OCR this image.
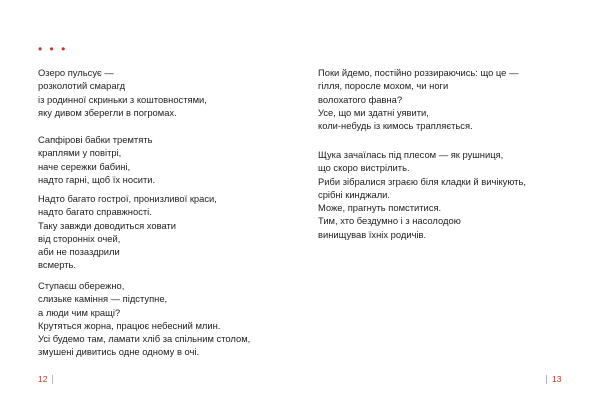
• • •
Озеро пульсує —
розколотий смарагд
із родинної скриньки з коштовностями,
яку дивом зберегли в погромах.
Сапфірові бабки тремтять
краплями у повітрі,
наче сережки бабині,
надто гарні, щоб їх носити.
Надто багато гострої, пронизливої краси,
надто багато справжності.
Таку завжди доводиться ховати
від сторонніх очей,
аби не позаздрили
всмерть.
Ступаєш обережно,
слизьке каміння — підступне,
а люди чим кращі?
Крутяться жорна, працює небесний млин.
Усі будемо там, ламати хліб за спільним столом,
змушені дивитись одне одному в очі.
12
Поки йдемо, постійно роззираючись: що це —
гілля, поросле мохом, чи ноги
волохатого фавна?
Усе, що ми здатні уявити,
коли-небудь із кимось трапляється.
Щука зачаїлась під плесом — як рушниця,
що скоро вистрілить.
Риби зібралися зграєю біля кладки й вичікують,
срібні кинджали.
Може, прагнуть помститися.
Тим, хто бездумно і з насолодою
винищував їхніх родичів.
13
